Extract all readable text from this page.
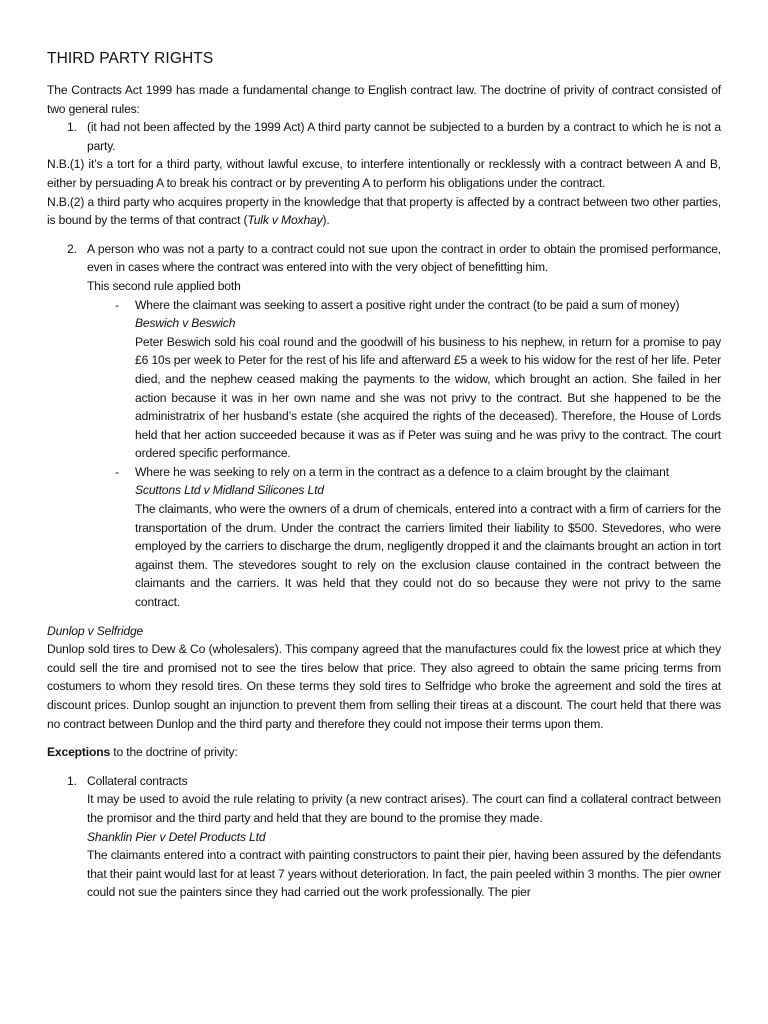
THIRD PARTY RIGHTS

The Contracts Act 1999 has made a fundamental change to English contract law. The doctrine of privity of contract consisted of two general rules:

1. (it had not been affected by the 1999 Act) A third party cannot be subjected to a burden by a contract to which he is not a party.

N.B.(1) it’s a tort for a third party, without lawful excuse, to interfere intentionally or recklessly with a contract between A and B, either by persuading A to break his contract or by preventing A to perform his obligations under the contract.

N.B.(2) a third party who acquires property in the knowledge that that property is affected by a contract between two other parties, is bound by the terms of that contract (Tulk v Moxhay).

2. A person who was not a party to a contract could not sue upon the contract in order to obtain the promised performance, even in cases where the contract was entered into with the very object of benefitting him.
This second rule applied both
- Where the claimant was seeking to assert a positive right under the contract (to be paid a sum of money)
Beswich v Beswich
Peter Beswich sold his coal round and the goodwill of his business to his nephew, in return for a promise to pay £6 10s per week to Peter for the rest of his life and afterward £5 a week to his widow for the rest of her life. Peter died, and the nephew ceased making the payments to the widow, which brought an action. She failed in her action because it was in her own name and she was not privy to the contract. But she happened to be the administratrix of her husband’s estate (she acquired the rights of the deceased). Therefore, the House of Lords held that her action succeeded because it was as if Peter was suing and he was privy to the contract. The court ordered specific performance.
- Where he was seeking to rely on a term in the contract as a defence to a claim brought by the claimant
Scuttons Ltd v Midland Silicones Ltd
The claimants, who were the owners of a drum of chemicals, entered into a contract with a firm of carriers for the transportation of the drum. Under the contract the carriers limited their liability to $500. Stevedores, who were employed by the carriers to discharge the drum, negligently dropped it and the claimants brought an action in tort against them. The stevedores sought to rely on the exclusion clause contained in the contract between the claimants and the carriers. It was held that they could not do so because they were not privy to the same contract.
Dunlop v Selfridge

Dunlop sold tires to Dew & Co (wholesalers). This company agreed that the manufactures could fix the lowest price at which they could sell the tire and promised not to see the tires below that price. They also agreed to obtain the same pricing terms from costumers to whom they resold tires. On these terms they sold tires to Selfridge who broke the agreement and sold the tires at discount prices. Dunlop sought an injunction to prevent them from selling their tireas at a discount. The court held that there was no contract between Dunlop and the third party and therefore they could not impose their terms upon them.

Exceptions to the doctrine of privity:

1. Collateral contracts
It may be used to avoid the rule relating to privity (a new contract arises). The court can find a collateral contract between the promisor and the third party and held that they are bound to the promise they made.
Shanklin Pier v Detel Products Ltd
The claimants entered into a contract with painting constructors to paint their pier, having been assured by the defendants that their paint would last for at least 7 years without deterioration. In fact, the pain peeled within 3 months. The pier owner could not sue the painters since they had carried out the work professionally. The pier
